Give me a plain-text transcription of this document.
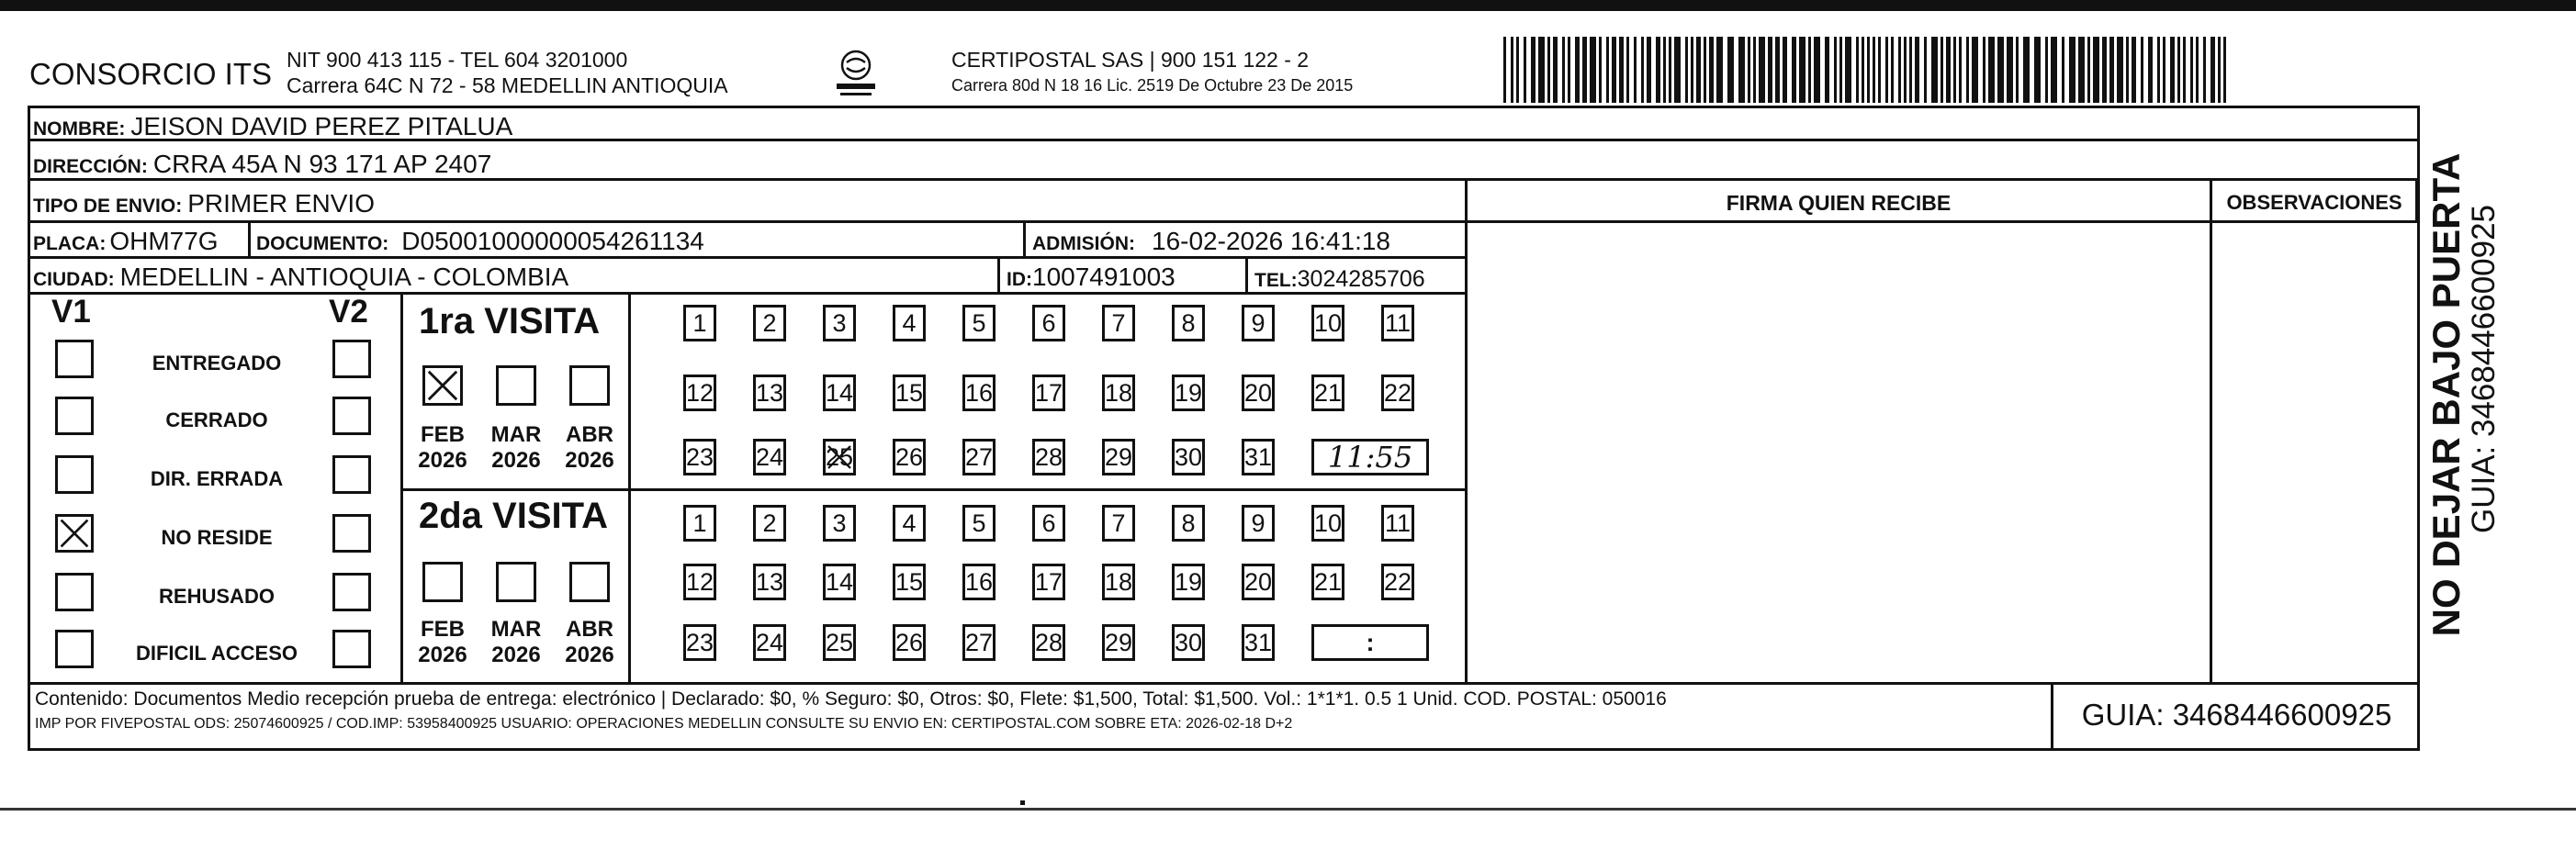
CONSORCIO ITS NIT 900 413 115 - TEL 604 3201000
Carrera 64C N 72 - 58 MEDELLIN ANTIOQUIA
CERTIPOSTAL SAS | 900 151 122 - 2
Carrera 80d N 18 16 Lic. 2519 De Octubre 23 De 2015
NOMBRE: JEISON DAVID PEREZ PITALUA
DIRECCIÓN: CRRA 45A N 93 171 AP 2407
TIPO DE ENVIO: PRIMER ENVIO
PLACA: OHM77G DOCUMENTO: D05001000000054261134	ADMISIÓN: 16-02-2026 16:41:18
CIUDAD: MEDELLIN - ANTIOQUIA - COLOMBIA	ID:1007491003	TEL:3024285706
FIRMA QUIEN RECIBE	OBSERVACIONES
V1	V2
ENTREGADO
CERRADO
DIR. ERRADA
NO RESIDE
REHUSADO
DIFICIL ACCESO
1ra VISITA
2da VISITA
FEB
2026
MAR
2026
ABR
2026
FEB
2026
MAR
2026
ABR
2026
1	2	3	4	5	6	7	8	9	10 11
12 13 14 15 16 17 18 19 20 21 22
23 24 25 26 27 28 29 30 31	11:55
1	2	3	4	5	6	7	8	9	10 11
12 13 14 15 16 17 18 19 20 21 22
23 24 25 26 27 28 29 30 31	:
Contenido: Documentos Medio recepción prueba de entrega: electrónico | Declarado: $0, % Seguro: $0, Otros: $0, Flete: $1,500, Total: $1,500. Vol.: 1*1*1. 0.5 1 Unid. COD. POSTAL: 050016
IMP POR FIVEPOSTAL ODS: 25074600925 / COD.IMP: 53958400925 USUARIO: OPERACIONES MEDELLIN CONSULTE SU ENVIO EN: CERTIPOSTAL.COM SOBRE ETA: 2026-02-18 D+2	GUIA: 3468446600925
NO DEJAR BAJO PUERTA
GUIA: 3468446600925
